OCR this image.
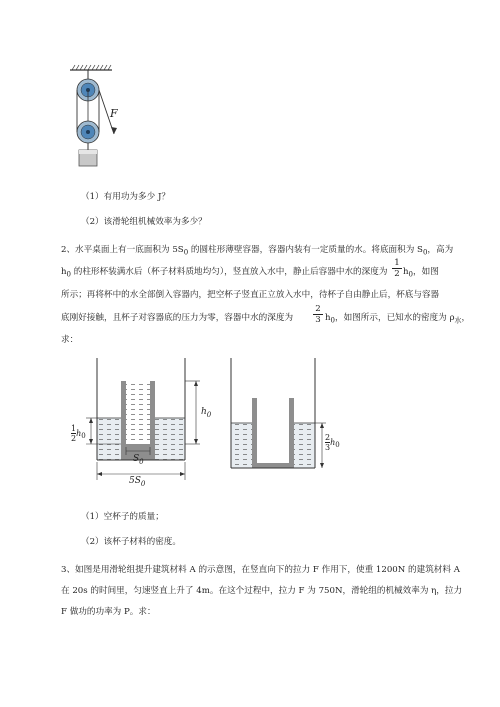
F
（1）有用功为多少 J？
（2）该滑轮组机械效率为多少？
2、水平桌面上有一底面积为 $5S_0$ 的圆柱形薄壁容器，容器内装有一定质量的水。将底面积为 $S_0$，高为
$h_0$ 的柱形杯装满水后（杯子材料质地均匀），竖直放入水中，静止后容器中水的深度为
1
2 $h_0$，如图
所示；再将杯中的水全部倒入容器内，把空杯子竖直正立放入水中，待杯子自由静止后，杯底与容器
底刚好接触，且杯子对容器底的压力为零，容器中水的深度为
2
3 $h_0$，如图所示，已知水的密度为 $\rho_水$，
求：
$h_0$
$\frac{1}{2} h_0$
$S_0$
$5S_0$
$\frac{2}{3} h_0$
（1）空杯子的质量；
（2）该杯子材料的密度。
3、如图是用滑轮组提升建筑材料 A 的示意图，在竖直向下的拉力 F 作用下，使重 1200N 的建筑材料 A
在 20s 的时间里，匀速竖直上升了 4m。在这个过程中，拉力 F 为 750N，滑轮组的机械效率为 η，拉力
F 做功的功率为 P。求：
